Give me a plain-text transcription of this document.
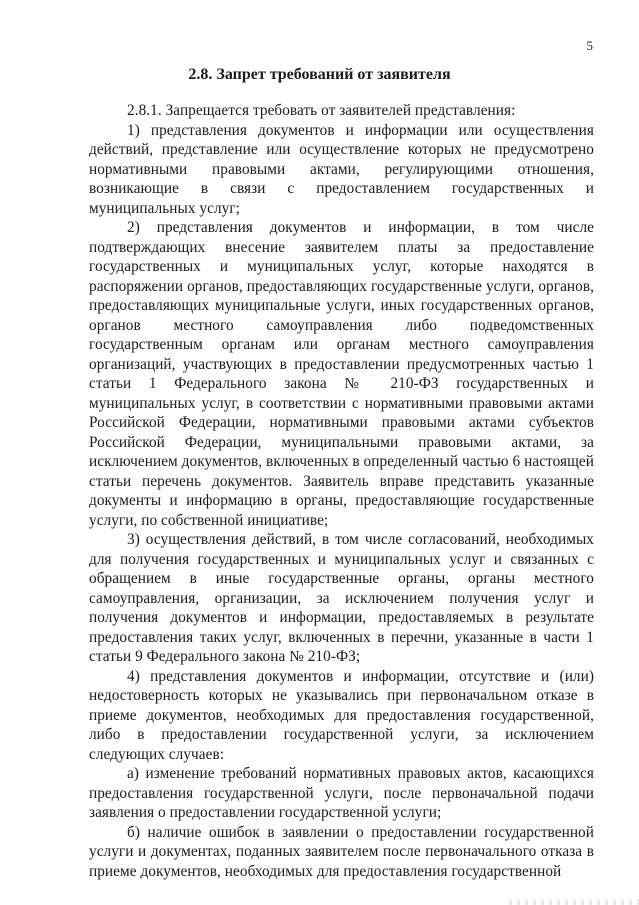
5
2.8. Запрет требований от заявителя

2.8.1. Запрещается требовать от заявителей представления:

1) представления документов и информации или осуществления действий, представление или осуществление которых не предусмотрено нормативными правовыми актами, регулирующими отношения, возникающие в связи с предоставлением государственных и муниципальных услуг;

2) представления документов и информации, в том числе подтверждающих внесение заявителем платы за предоставление государственных и муниципальных услуг, которые находятся в распоряжении органов, предоставляющих государственные услуги, органов, предоставляющих муниципальные услуги, иных государственных органов, органов местного самоуправления либо подведомственных государственным органам или органам местного самоуправления организаций, участвующих в предоставлении предусмотренных частью 1 статьи 1 Федерального закона № 210-ФЗ государственных и муниципальных услуг, в соответствии с нормативными правовыми актами Российской Федерации, нормативными правовыми актами субъектов Российской Федерации, муниципальными правовыми актами, за исключением документов, включенных в определенный частью 6 настоящей статьи перечень документов. Заявитель вправе представить указанные документы и информацию в органы, предоставляющие государственные услуги, по собственной инициативе;

3) осуществления действий, в том числе согласований, необходимых для получения государственных и муниципальных услуг и связанных с обращением в иные государственные органы, органы местного самоуправления, организации, за исключением получения услуг и получения документов и информации, предоставляемых в результате предоставления таких услуг, включенных в перечни, указанные в части 1 статьи 9 Федерального закона № 210-ФЗ;

4) представления документов и информации, отсутствие и (или) недостоверность которых не указывались при первоначальном отказе в приеме документов, необходимых для предоставления государственной, либо в предоставлении государственной услуги, за исключением следующих случаев:

а) изменение требований нормативных правовых актов, касающихся предоставления государственной услуги, после первоначальной подачи заявления о предоставлении государственной услуги;

б) наличие ошибок в заявлении о предоставлении государственной услуги и документах, поданных заявителем после первоначального отказа в приеме документов, необходимых для предоставления государственной
